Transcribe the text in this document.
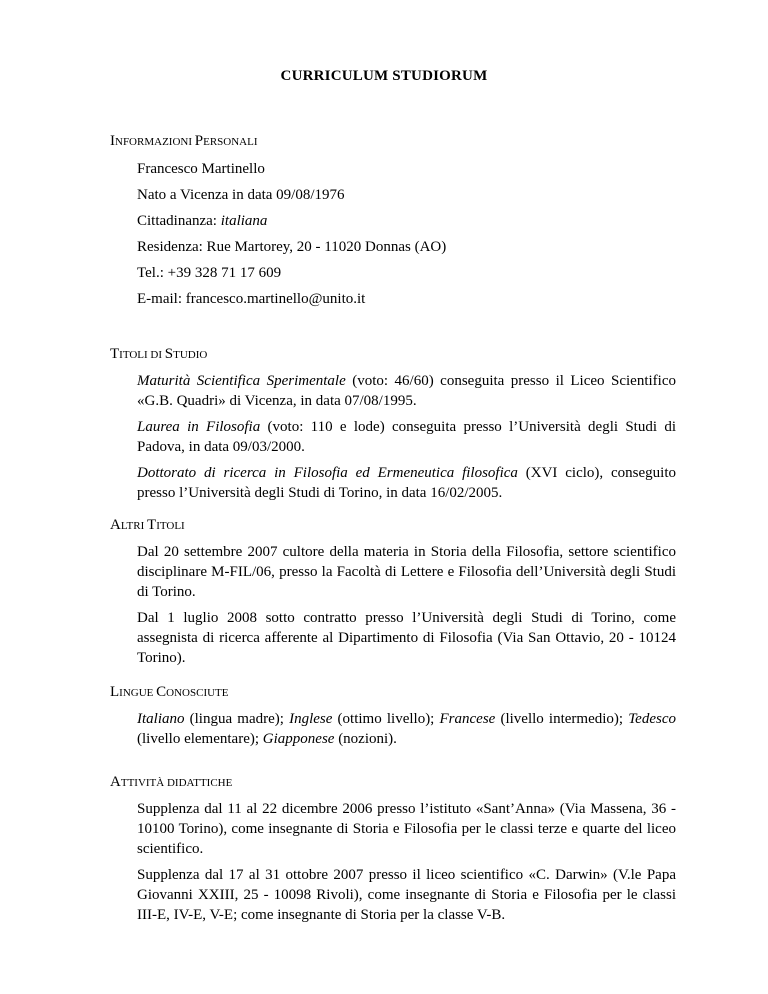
CURRICULUM STUDIORUM

INFORMAZIONI PERSONALI

Francesco Martinello

Nato a Vicenza in data 09/08/1976

Cittadinanza: italiana

Residenza: Rue Martorey, 20 - 11020 Donnas (AO)

Tel.: +39 328 71 17 609

E-mail: francesco.martinello@unito.it

TITOLI DI STUDIO

Maturità Scientifica Sperimentale (voto: 46/60) conseguita presso il Liceo Scientifico «G.B. Quadri» di Vicenza, in data 07/08/1995.

Laurea in Filosofia (voto: 110 e lode) conseguita presso l’Università degli Studi di Padova, in data 09/03/2000.

Dottorato di ricerca in Filosofia ed Ermeneutica filosofica (XVI ciclo), conseguito presso l’Università degli Studi di Torino, in data 16/02/2005.

ALTRI TITOLI

Dal 20 settembre 2007 cultore della materia in Storia della Filosofia, settore scientifico disciplinare M-FIL/06, presso la Facoltà di Lettere e Filosofia dell’Università degli Studi di Torino.

Dal 1 luglio 2008 sotto contratto presso l’Università degli Studi di Torino, come assegnista di ricerca afferente al Dipartimento di Filosofia (Via San Ottavio, 20 - 10124 Torino).

LINGUE CONOSCIUTE

Italiano (lingua madre); Inglese (ottimo livello); Francese (livello intermedio); Tedesco (livello elementare); Giapponese (nozioni).

ATTIVITÀ DIDATTICHE

Supplenza dal 11 al 22 dicembre 2006 presso l’istituto «Sant’Anna» (Via Massena, 36 - 10100 Torino), come insegnante di Storia e Filosofia per le classi terze e quarte del liceo scientifico.

Supplenza dal 17 al 31 ottobre 2007 presso il liceo scientifico «C. Darwin» (V.le Papa Giovanni XXIII, 25 - 10098 Rivoli), come insegnante di Storia e Filosofia per le classi III-E, IV-E, V-E; come insegnante di Storia per la classe V-B.
